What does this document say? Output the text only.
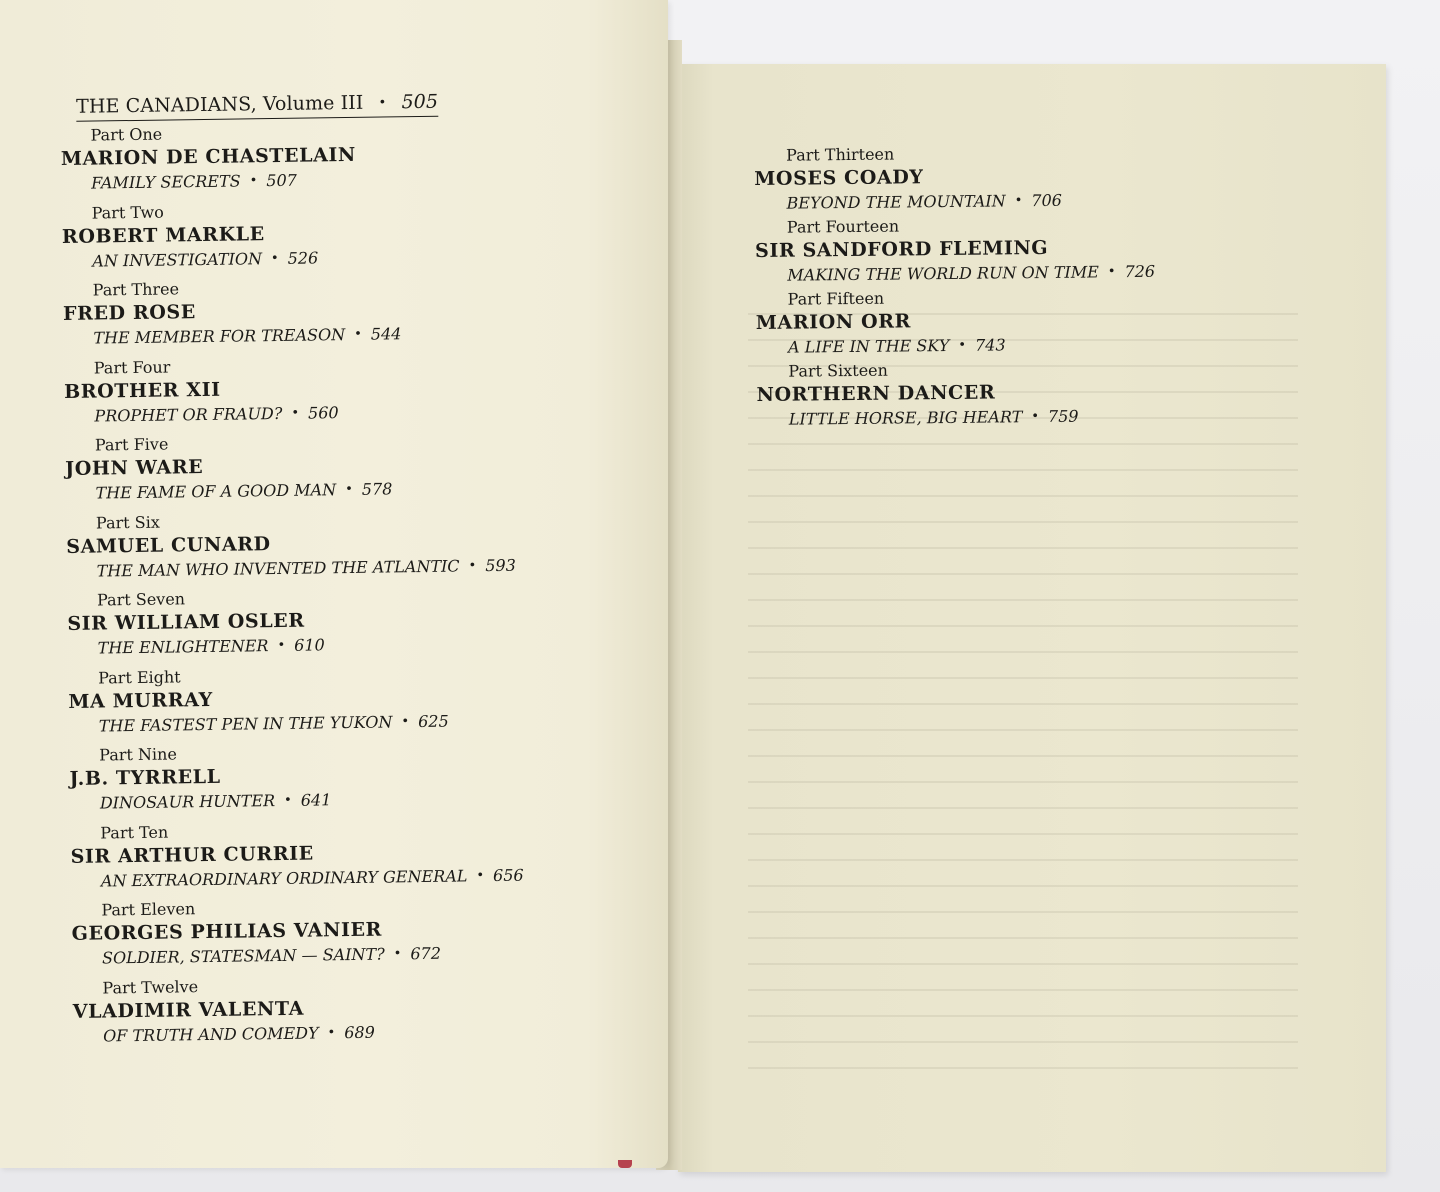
THE CANADIANS, Volume III • 505
Part One
MARION DE CHASTELAIN
FAMILY SECRETS • 507
Part Two
ROBERT MARKLE
AN INVESTIGATION • 526
Part Three
FRED ROSE
THE MEMBER FOR TREASON • 544
Part Four
BROTHER XII
PROPHET OR FRAUD? • 560
Part Five
JOHN WARE
THE FAME OF A GOOD MAN • 578
Part Six
SAMUEL CUNARD
THE MAN WHO INVENTED THE ATLANTIC • 593
Part Seven
SIR WILLIAM OSLER
THE ENLIGHTENER • 610
Part Eight
MA MURRAY
THE FASTEST PEN IN THE YUKON • 625
Part Nine
J.B. TYRRELL
DINOSAUR HUNTER • 641
Part Ten
SIR ARTHUR CURRIE
AN EXTRAORDINARY ORDINARY GENERAL • 656
Part Eleven
GEORGES PHILIAS VANIER
SOLDIER, STATESMAN — SAINT? • 672
Part Twelve
VLADIMIR VALENTA
OF TRUTH AND COMEDY • 689
Part Thirteen
MOSES COADY
BEYOND THE MOUNTAIN • 706
Part Fourteen
SIR SANDFORD FLEMING
MAKING THE WORLD RUN ON TIME • 726
Part Fifteen
MARION ORR
A LIFE IN THE SKY • 743
Part Sixteen
NORTHERN DANCER
LITTLE HORSE, BIG HEART • 759
